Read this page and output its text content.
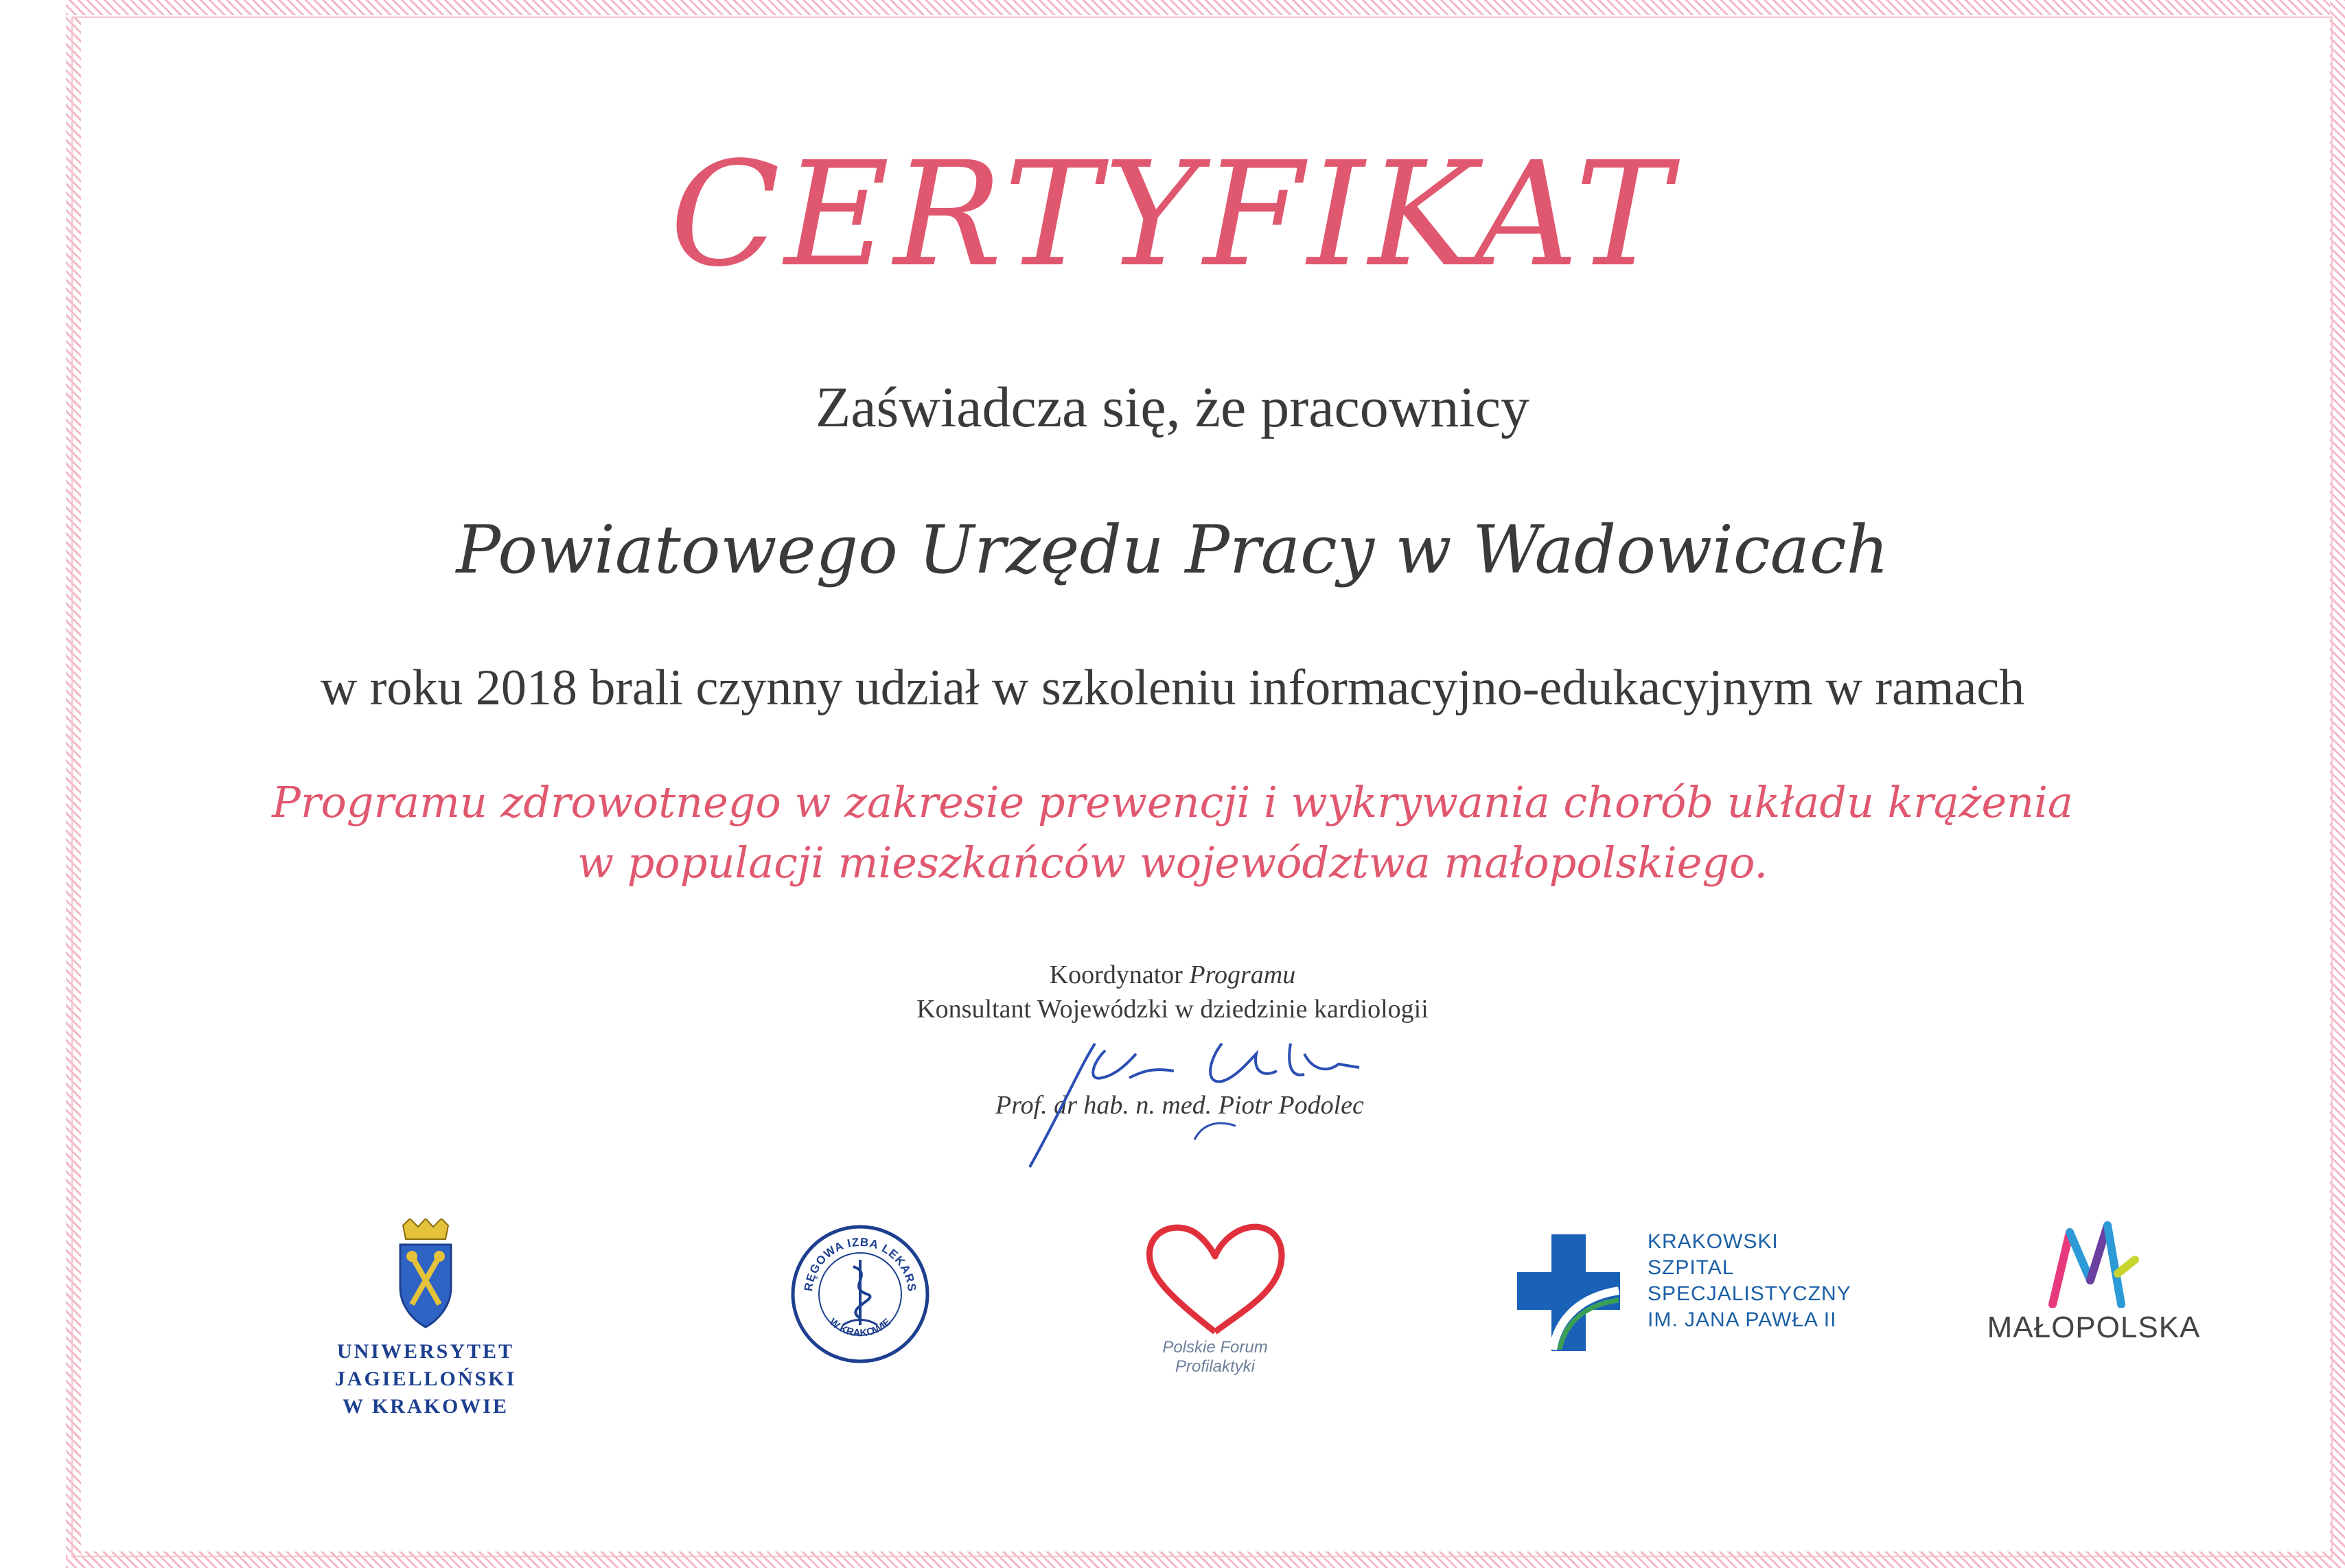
CERTYFIKAT
Zaświadcza się, że pracownicy
Powiatowego Urzędu Pracy w Wadowicach
w roku 2018 brali czynny udział w szkoleniu informacyjno-edukacyjnym w ramach
Programu zdrowotnego w zakresie prewencji i wykrywania chorób układu krążenia
w populacji mieszkańców województwa małopolskiego.
Koordynator Programu
Konsultant Wojewódzki w dziedzinie kardiologii
Prof. dr hab. n. med. Piotr Podolec
UNIWERSYTET JAGIELLOŃSKI
W KRAKOWIE
RĘGOWA IZBA LEKARS
W KRAKOWIE
Polskie Forum
Profilaktyki
KRAKOWSKI
SZPITAL
SPECJALISTYCZNY
IM. JANA PAWŁA II	MAŁOPOLSKA
